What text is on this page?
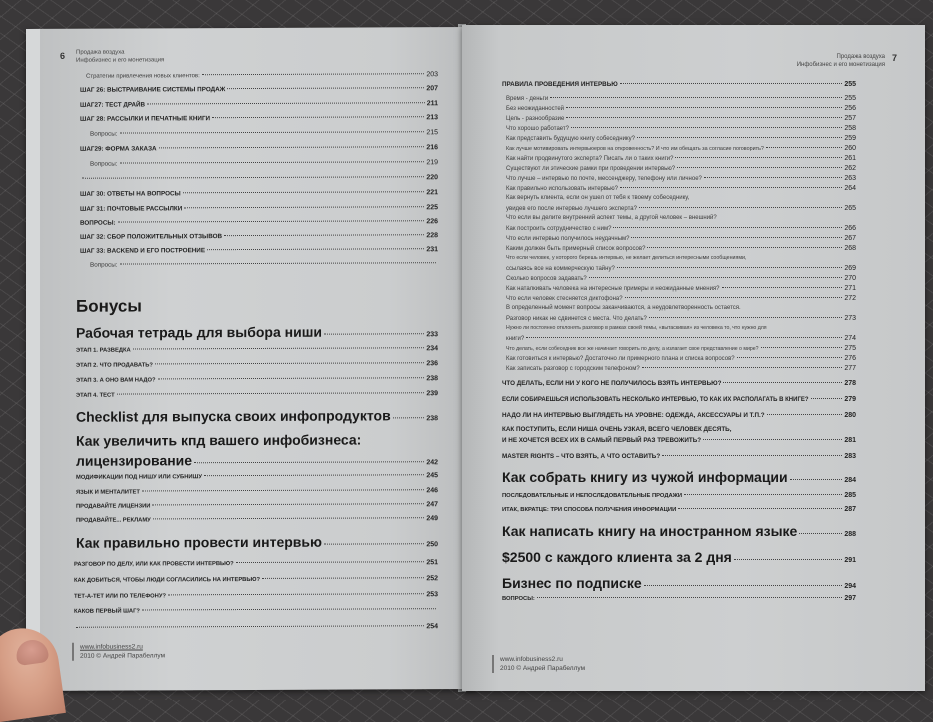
6 Продажа воздуха
Инфобизнес и его монетизация
Стратегии привлечения новых клиентов:	203
ШАГ 26: ВЫСТРАИВАНИЕ СИСТЕМЫ ПРОДАЖ	207
ШАГ27: ТЕСТ ДРАЙВ	211
ШАГ 28: РАССЫЛКИ И ПЕЧАТНЫЕ КНИГИ	213
Вопросы:	215
ШАГ29: ФОРМА ЗАКАЗА	216
Вопросы:	219
220
ШАГ 30: ОТВЕТЫ НА ВОПРОСЫ	221
ШАГ 31: ПОЧТОВЫЕ РАССЫЛКИ	225
ВОПРОСЫ:	226
ШАГ 32: СБОР ПОЛОЖИТЕЛЬНЫХ ОТЗЫВОВ	228
ШАГ 33: BACKEND И ЕГО ПОСТРОЕНИЕ	231
Вопросы:
Бонусы
Рабочая тетрадь для выбора ниши	233
ЭТАП 1. РАЗВЕДКА	234
ЭТАП 2. ЧТО ПРОДАВАТЬ?	236
ЭТАП 3. А ОНО ВАМ НАДО?	238
ЭТАП 4. ТЕСТ	239
Checklist для выпуска своих инфопродуктов	238
Как увеличить кпд вашего инфобизнеса:
лицензирование	242
МОДИФИКАЦИИ ПОД НИШУ ИЛИ СУБНИШУ	245
ЯЗЫК И МЕНТАЛИТЕТ	246
ПРОДАВАЙТЕ ЛИЦЕНЗИИ	247
ПРОДАВАЙТЕ... РЕКЛАМУ	249
Как правильно провести интервью	250
РАЗГОВОР ПО ДЕЛУ, ИЛИ КАК ПРОВЕСТИ ИНТЕРВЬЮ?	251
КАК ДОБИТЬСЯ, ЧТОБЫ ЛЮДИ СОГЛАСИЛИСЬ НА ИНТЕРВЬЮ?	252
ТЕТ-А-ТЕТ ИЛИ ПО ТЕЛЕФОНУ?	253
КАКОВ ПЕРВЫЙ ШАГ?
254
www.infobusiness2.ru
2010 © Андрей Парабеллум
Продажа воздуха
Инфобизнес и его монетизация
7
ПРАВИЛА ПРОВЕДЕНИЯ ИНТЕРВЬЮ	255
Время - деньги	255
Без неожиданностей	256
Цель - разнообразие	257
Что хорошо работает?	258
Как представить будущую книгу собеседнику?	259
Как лучше мотивировать интервьюеров на откровенность? И что им обещать за согласие поговорить?	260
Как найти продвинутого эксперта? Писать ли о таких книги?	261
Существуют ли этические рамки при проведении интервью?	262
Что лучше – интервью по почте, мессенджеру, телефону или личное?	263
Как правильно использовать интервью?	264
Как вернуть клиента, если он ушел от тебя к твоему собеседнику,
увидев его после интервью лучшего эксперта?	265
Что если вы делите внутренний аспект темы, а другой человек – внешний?
Как построить сотрудничество с ним?	266
Что если интервью получилось неудачным?	267
Каким должен быть примерный список вопросов?	268
Что если человек, у которого берешь интервью, не желает делиться интересными сообщениями,
ссылаясь все на коммерческую тайну?	269
Сколько вопросов задавать?	270
Как наталкивать человека на интересные примеры и неожиданные мнения?	271
Что если человек стесняется диктофона?	272
В определенный момент вопросы заканчиваются, а неудовлетворенность остается.
Разговор никак не сдвинется с места. Что делать?	273
Нужно ли постоянно отклонять разговор в рамках своей темы, «вытаскивая» из человека то, что нужно для
книги?	274
Что делать, если собеседник все же начинает говорить по делу, а излагает свое представление о мире?	275
Как готовиться к интервью? Достаточно ли примерного плана и списка вопросов?	276
Как записать разговор с городским телефоном?	277
ЧТО ДЕЛАТЬ, ЕСЛИ НИ У КОГО НЕ ПОЛУЧИЛОСЬ ВЗЯТЬ ИНТЕРВЬЮ?	278
ЕСЛИ СОБИРАЕШЬСЯ ИСПОЛЬЗОВАТЬ НЕСКОЛЬКО ИНТЕРВЬЮ, ТО КАК ИХ РАСПОЛАГАТЬ В КНИГЕ?	279
НАДО ЛИ НА ИНТЕРВЬЮ ВЫГЛЯДЕТЬ НА УРОВНЕ: ОДЕЖДА, АКСЕССУАРЫ И Т.П.?	280
КАК ПОСТУПИТЬ, ЕСЛИ НИША ОЧЕНЬ УЗКАЯ, ВСЕГО ЧЕЛОВЕК ДЕСЯТЬ,
И НЕ ХОЧЕТСЯ ВСЕХ ИХ В САМЫЙ ПЕРВЫЙ РАЗ ТРЕВОЖИТЬ?	281
MASTER RIGHTS – ЧТО ВЗЯТЬ, А ЧТО ОСТАВИТЬ?	283
Как собрать книгу из чужой информации	284
ПОСЛЕДОВАТЕЛЬНЫЕ И НЕПОСЛЕДОВАТЕЛЬНЫЕ ПРОДАЖИ	285
ИТАК, ВКРАТЦЕ: ТРИ СПОСОБА ПОЛУЧЕНИЯ ИНФОРМАЦИИ	287
Как написать книгу на иностранном языке	288
$2500 с каждого клиента за 2 дня	291
Бизнес по подписке	294
ВОПРОСЫ:	297
www.infobusiness2.ru
2010 © Андрей Парабеллум
